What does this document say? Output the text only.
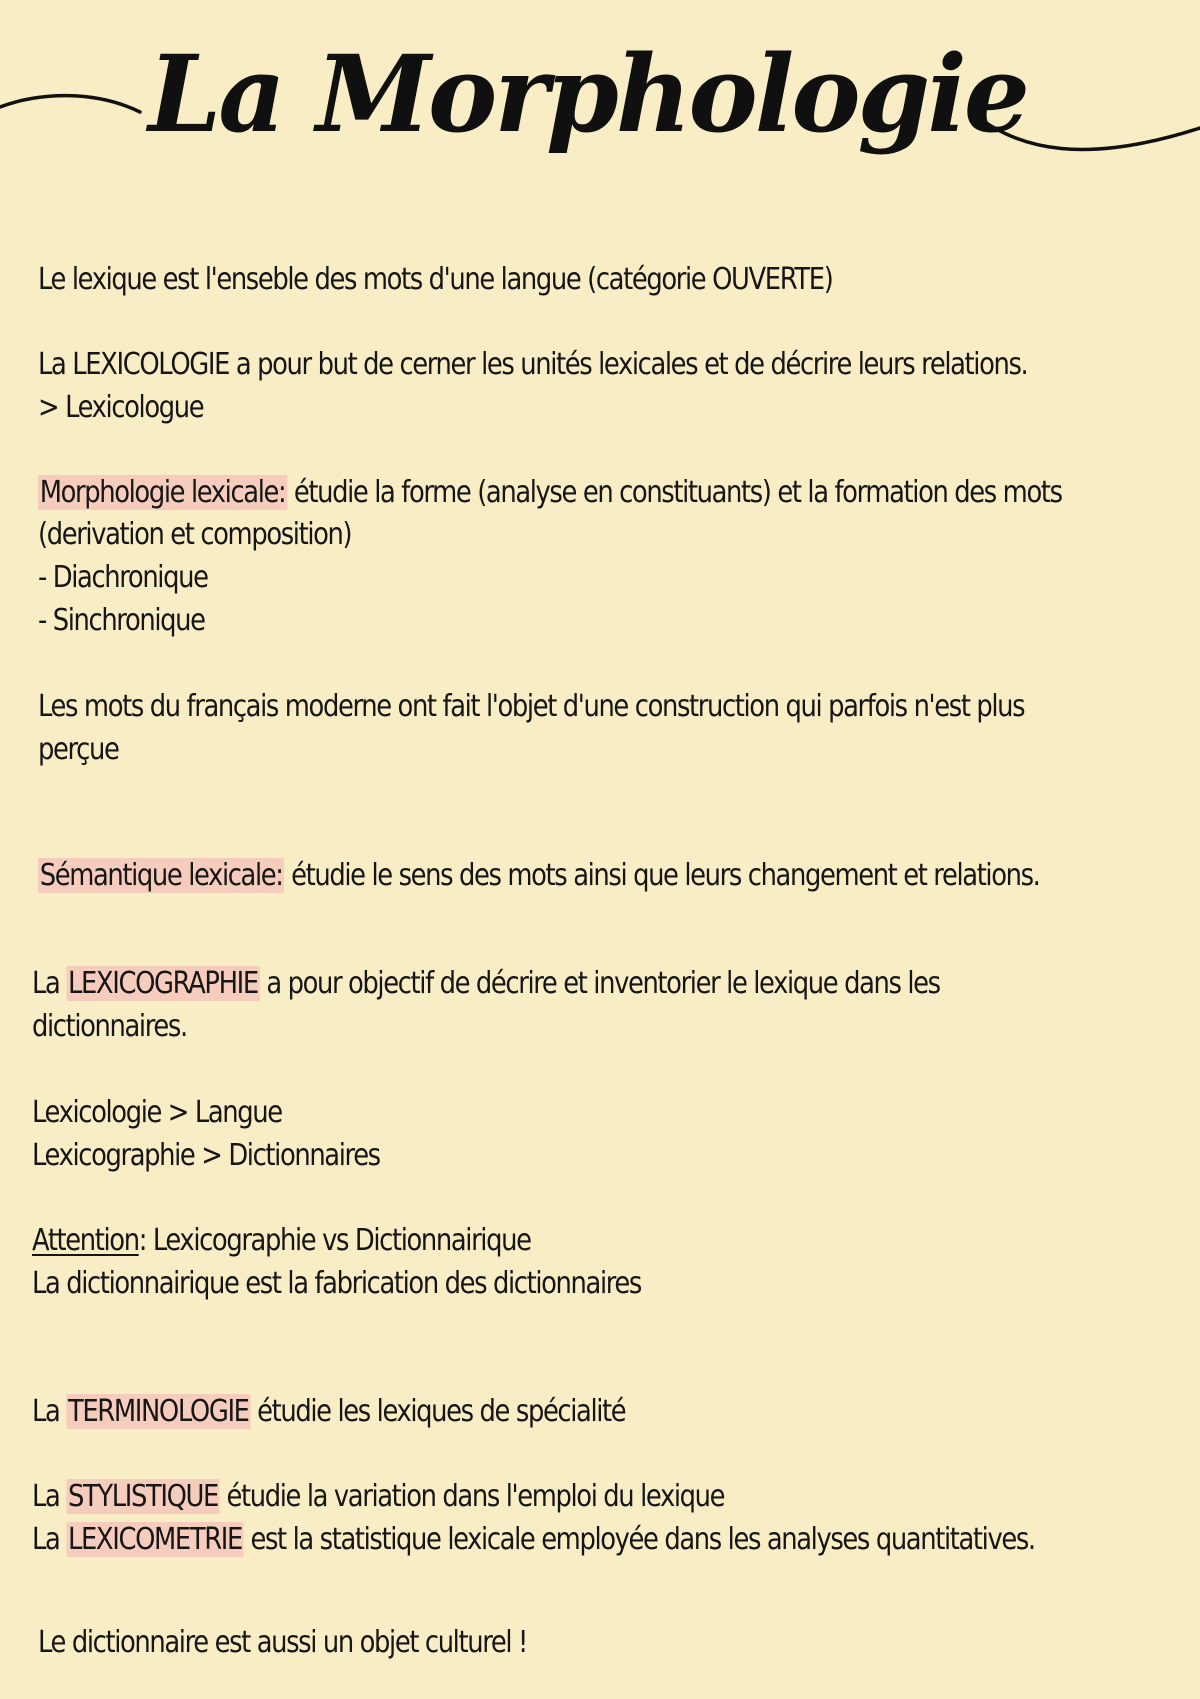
La Morphologie
Le lexique est l'enseble des mots d'une langue (catégorie OUVERTE)
La LEXICOLOGIE a pour but de cerner les unités lexicales et de décrire leurs relations.
> Lexicologue
Morphologie lexicale: étudie la forme (analyse en constituants) et la formation des mots
(derivation et composition)
- Diachronique
- Sinchronique
Les mots du français moderne ont fait l'objet d'une construction qui parfois n'est plus
perçue
Sémantique lexicale: étudie le sens des mots ainsi que leurs changement et relations.
La LEXICOGRAPHIE a pour objectif de décrire et inventorier le lexique dans les
dictionnaires.
Lexicologie > Langue
Lexicographie > Dictionnaires
Attention: Lexicographie vs Dictionnairique
La dictionnairique est la fabrication des dictionnaires
La TERMINOLOGIE étudie les lexiques de spécialité
La STYLISTIQUE étudie la variation dans l'emploi du lexique
La LEXICOMETRIE est la statistique lexicale employée dans les analyses quantitatives.
Le dictionnaire est aussi un objet culturel !
